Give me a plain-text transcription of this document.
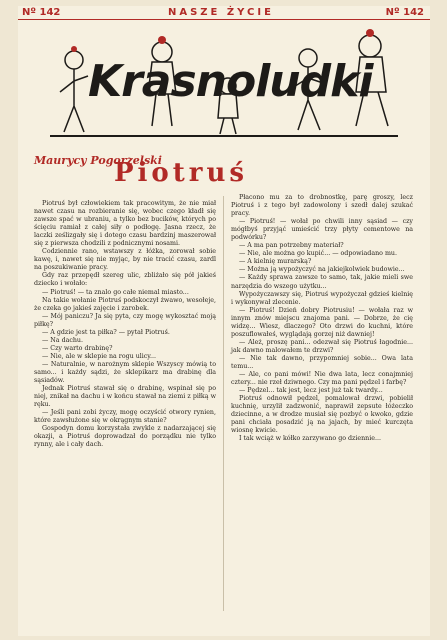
Nº 142	NASZE ŻYCIE	Nº 142
Krasnoludki
Maurycy Pogorzelski
Piotruś

Piotruś był człowiekiem tak pracowitym, że nie miał nawet czasu na rozbieranie się, wobec czego kładł się zawsze spać w ubraniu, a tylko bez bucików, których po ścięciu ramiał z całej siły o podłogę. Jasna rzecz, że laczki ześlizgały się i dotego czasu bardzinj maszerował się z pierwsza chodzili z podnicznymi nosami.

Codziennie rano, wstawszy z łóżka, zorował sobie kawę, i, nawet się nie myjąc, by nie tracić czasu, zardl na poszukiwanie pracy.

Gdy raz przepędł szereg ulic, zbliżało się pół jakieś dziecko i wołało:

— Piotruś! — ta znalo go całe niemal miasto...

Na takie wołanie Piotruś podskoczył żwawo, wesołeje, że czeka go jakieś zajęcie i zarobek.

— Mój paniczu? Ja się pyta, czy mogę wykosztać moją piłkę?

— A gdzie jest ta piłka? — pytał Piotruś.

— Na dachu.

— Czy warto drabinę?

— Nie, ale w sklepie na rogu ulicy...

— Naturalnie, w narożnym sklepie Wszyscy mówią to samo... i każdy sądzi, że sklepikarz ma drabinę dla sąsiadów.

Jednak Piotruś stawał się o drabinę, wspinał się po niej, znikał na dachu i w końcu stawał na ziemi z piłką w ręku.

— Jeśli pani zobi życzy, mogę oczyścić otwory rynien, które zawsłużone się w okrągnym stanie?

Gospodyn domu korzystała zwykle z nadarzającej się okazji, a Piotruś doprowadzał do porządku nie tylko rynny, ale i cały dach.

Płacono mu za to drobnostkę, parę groszy, lecz Piotruś i z tego był zadowolony i szedł dalej szukać pracy.

— Piotruś! — wołał po chwili inny sąsiad — czy mógłbyś przyjąć umieścić trzy płyty cementowe na podwórku?

— A ma pan potrzebny materiał?

— Nie, ale można go kupić... — odpowiadano mu.

— A kielnię murarską?

— Można ją wypożyczyć na jakiejkolwiek budowie...

— Każdy sprawa zawsze to samo, tak, jakie mieli swe narzędzia do wszego użytku...

Wypożyczawszy się, Piotruś wypożyczał gdzieś kielnię i wykonywał zlecenie.

— Piotruś! Dzień dobry Piotrusiu! — wołała raz w innym znów miejscu znajoma pani. — Dobrze, że cię widzę... Wiesz, dlaczego? Oto drzwi do kuchni, które poszuflowałeś, wyglądają gorzej niż dawniej!

— Ależ, proszę pani... odezwał się Piotruś łagodnie... jak dawno malowałem te drzwi?

— Nie tak dawno, przypomniej sobie... Owa lata temu...

— Ale, co pani mówi! Nie dwa lata, lecz conajmniej cztery... nie rzeł dziwnego. Czy ma pani pędzel i farbę?

— Pędzel... tak jest, lecz jest już tak twardy...

Piotruś odnowił pędzel, pomalował drzwi, pobielił kuchnię, urzylił zadzwonić, naprawił zepsute łóżeczko dziecinne, a w drodze musiał się pozbyć o kwoko, gdzie pani chciała posadzić ją na jajach, by mieć kurczęta wiosnę kwicie.

I tak wciąż w kółko zarzywano go dziennie...
